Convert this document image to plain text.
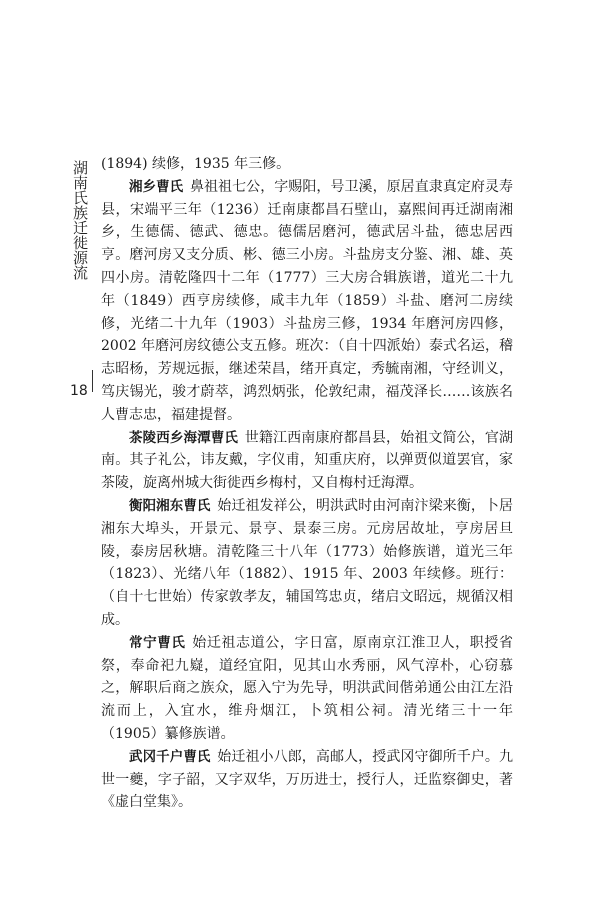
湖南氏族迁徙源流
18

(1894) 续修，1935 年三修。

湘乡曹氏 鼻祖祖七公，字赐阳，号卫溪，原居直隶真定府灵寿县，宋端平三年（1236）迁南康都昌石壁山，嘉熙间再迁湖南湘乡，生德儒、德武、德忠。德儒居磨河，德武居斗盐，德忠居西亨。磨河房又支分质、彬、德三小房。斗盐房支分鉴、湘、雄、英四小房。清乾隆四十二年（1777）三大房合辑族谱，道光二十九年（1849）西亨房续修，咸丰九年（1859）斗盐、磨河二房续修，光绪二十九年（1903）斗盐房三修，1934 年磨河房四修，2002 年磨河房纹德公支五修。班次：（自十四派始）泰式名运，稽志昭杨，芳规远振，继述荣昌，绪开真定，秀毓南湘，守经训义，笃庆锡光，骏才蔚萃，鸿烈炳张，伦敦纪肃，福茂泽长……该族名人曹志忠，福建提督。

茶陵西乡海潭曹氏 世籍江西南康府都昌县，始祖文简公，官湖南。其子礼公，讳友戴，字仪甫，知重庆府，以弹贾似道罢官，家茶陵，旋离州城大街徙西乡梅村，又自梅村迁海潭。

衡阳湘东曹氏 始迁祖发祥公，明洪武时由河南汴梁来衡，卜居湘东大埠头，开景元、景亨、景泰三房。元房居故址，亨房居旦陵，泰房居秋塘。清乾隆三十八年（1773）始修族谱，道光三年（1823）、光绪八年（1882）、1915 年、2003 年续修。班行：（自十七世始）传家敦孝友，辅国笃忠贞，绪启文昭远，规循汉相成。

常宁曹氏 始迁祖志道公，字日富，原南京江淮卫人，职授省祭，奉命祀九嶷，道经宜阳，见其山水秀丽，风气淳朴，心窃慕之，解职后商之族众，愿入宁为先导，明洪武间偕弟通公由江左沿流而上，入宜水，维舟烟江，卜筑相公祠。清光绪三十一年（1905）纂修族谱。

武冈千户曹氏 始迁祖小八郎，高邮人，授武冈守御所千户。九世一夔，字子韶，又字双华，万历进士，授行人，迁监察御史，著《虚白堂集》。
